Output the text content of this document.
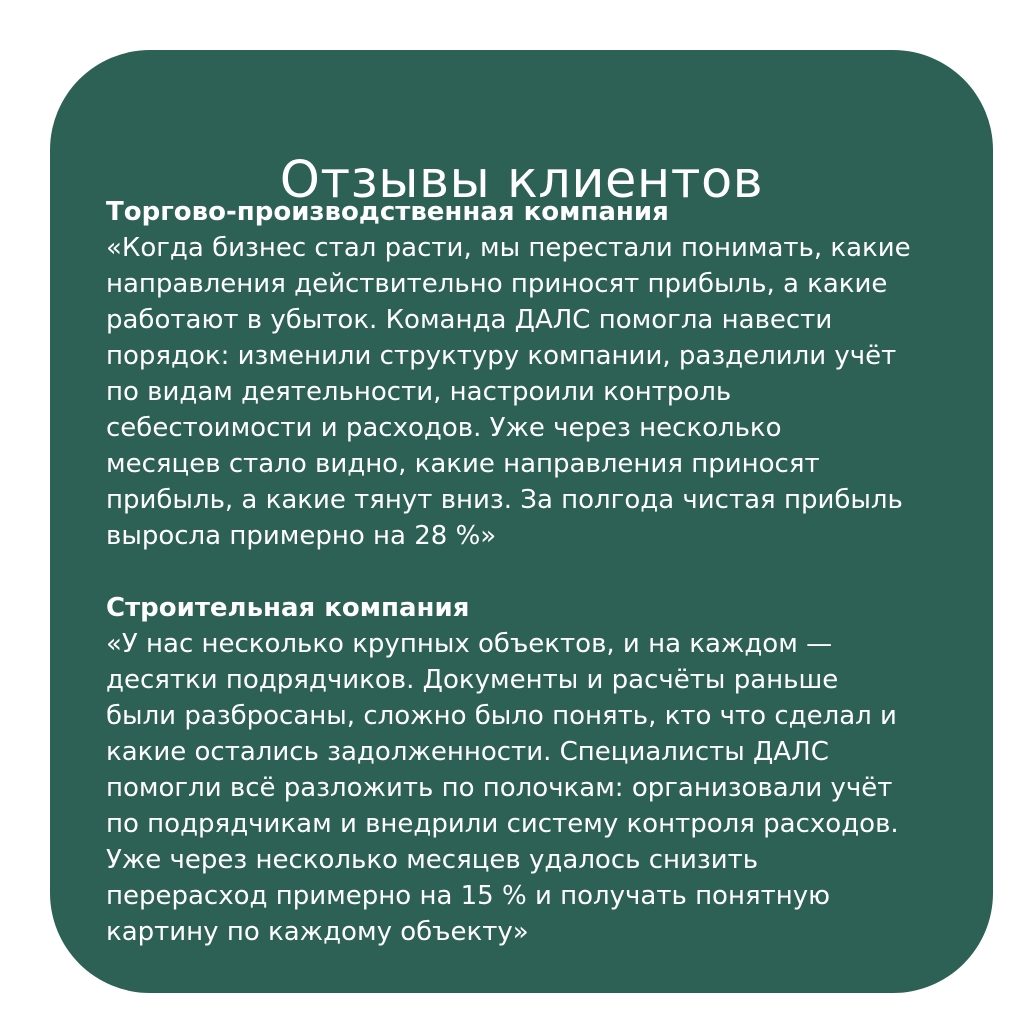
Отзывы клиентов

Торгово-производственная компания

«Когда бизнес стал расти, мы перестали понимать, какие
направления действительно приносят прибыль, а какие
работают в убыток. Команда ДАЛС помогла навести
порядок: изменили структуру компании, разделили учёт
по видам деятельности, настроили контроль
себестоимости и расходов. Уже через несколько
месяцев стало видно, какие направления приносят
прибыль, а какие тянут вниз. За полгода чистая прибыль
выросла примерно на 28 %»

Строительная компания

«У нас несколько крупных объектов, и на каждом —
десятки подрядчиков. Документы и расчёты раньше
были разбросаны, сложно было понять, кто что сделал и
какие остались задолженности. Специалисты ДАЛС
помогли всё разложить по полочкам: организовали учёт
по подрядчикам и внедрили систему контроля расходов.
Уже через несколько месяцев удалось снизить
перерасход примерно на 15 % и получать понятную
картину по каждому объекту»
